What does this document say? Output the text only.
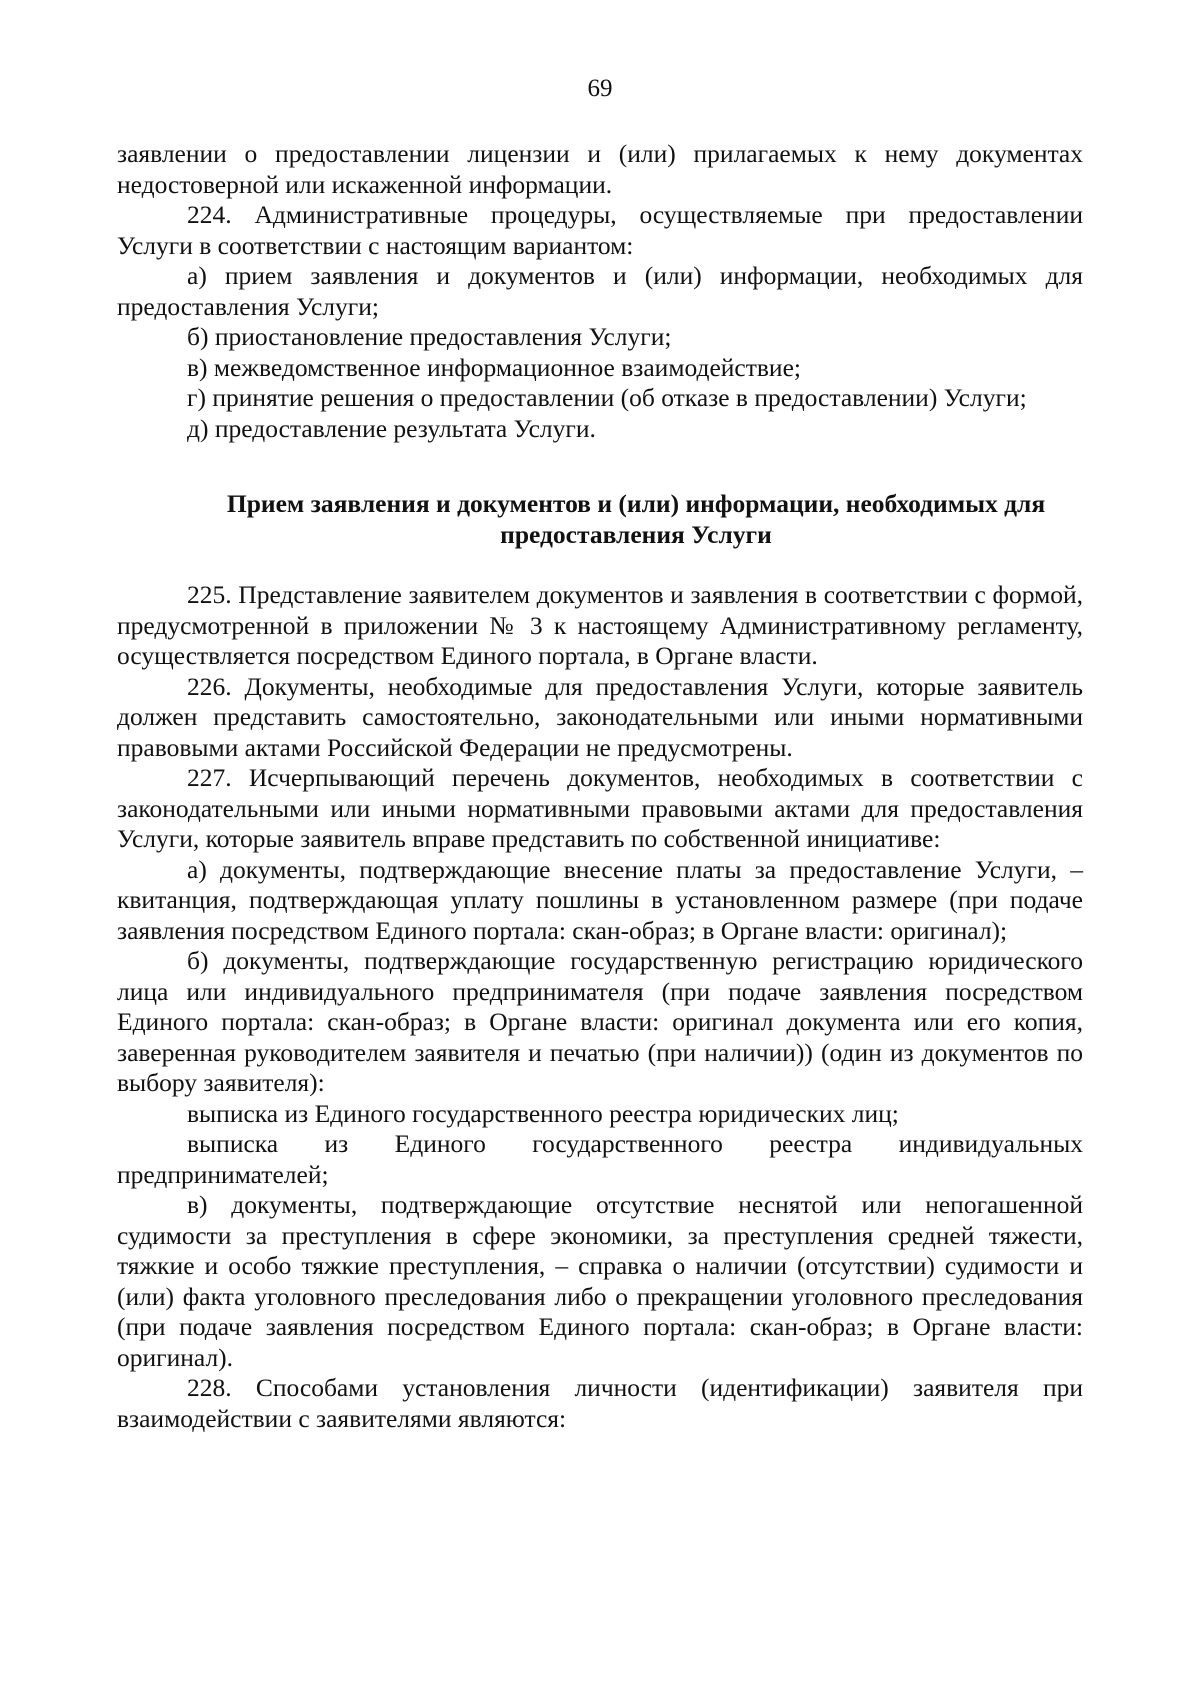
69

заявлении о предоставлении лицензии и (или) прилагаемых к нему документах
недостоверной или искаженной информации.

224. Административные процедуры, осуществляемые при предоставлении
Услуги в соответствии с настоящим вариантом:

а) прием заявления и документов и (или) информации, необходимых для предоставления Услуги;

б) приостановление предоставления Услуги;

в) межведомственное информационное взаимодействие;

г) принятие решения о предоставлении (об отказе в предоставлении) Услуги;

д) предоставление результата Услуги.

Прием заявления и документов и (или) информации, необходимых для
предоставления Услуги

225. Представление заявителем документов и заявления в соответствии с формой, предусмотренной в приложении № 3 к настоящему Административному регламенту, осуществляется посредством Единого портала, в Органе власти.

226. Документы, необходимые для предоставления Услуги, которые заявитель должен представить самостоятельно, законодательными или иными нормативными правовыми актами Российской Федерации не предусмотрены.

227. Исчерпывающий перечень документов, необходимых в соответствии с законодательными или иными нормативными правовыми актами для предоставления Услуги, которые заявитель вправе представить по собственной инициативе:

а) документы, подтверждающие внесение платы за предоставление Услуги, – квитанция, подтверждающая уплату пошлины в установленном размере (при подаче заявления посредством Единого портала: скан-образ; в Органе власти: оригинал);

б) документы, подтверждающие государственную регистрацию юридического лица или индивидуального предпринимателя (при подаче заявления посредством Единого портала: скан-образ; в Органе власти: оригинал документа или его копия, заверенная руководителем заявителя и печатью (при наличии)) (один из документов по выбору заявителя):

выписка из Единого государственного реестра юридических лиц;

выписка из Единого государственного реестра индивидуальных предпринимателей;

в) документы, подтверждающие отсутствие неснятой или непогашенной судимости за преступления в сфере экономики, за преступления средней тяжести, тяжкие и особо тяжкие преступления, – справка о наличии (отсутствии) судимости и (или) факта уголовного преследования либо о прекращении уголовного преследования (при подаче заявления посредством Единого портала: скан-образ; в Органе власти: оригинал).

228. Способами установления личности (идентификации) заявителя при взаимодействии с заявителями являются:
